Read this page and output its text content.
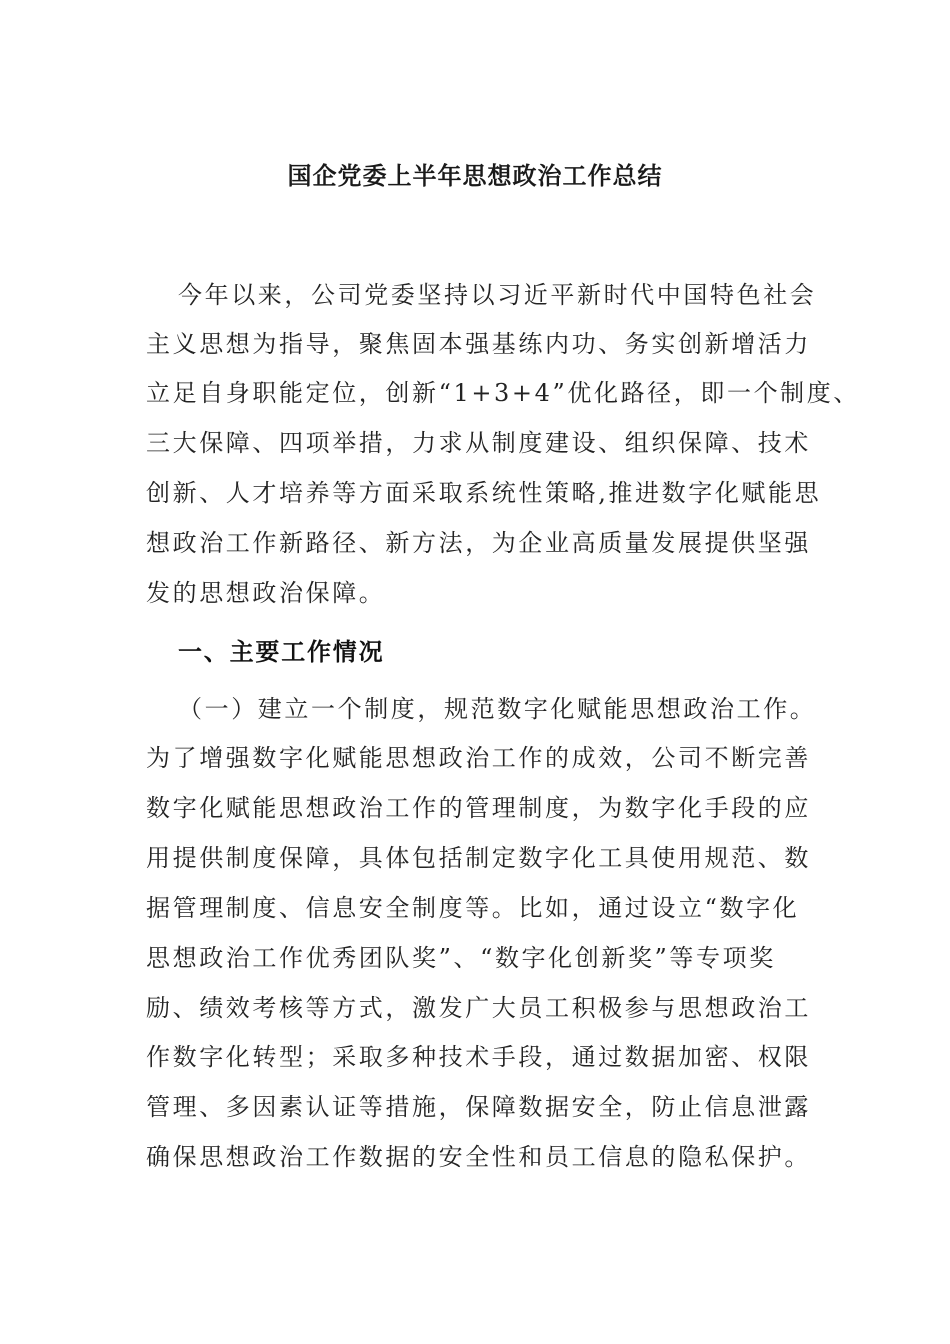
国企党委上半年思想政治工作总结
今年以来，公司党委坚持以习近平新时代中国特色社会
主义思想为指导，聚焦固本强基练内功、务实创新增活力
立足自身职能定位，创新“1+3+4”优化路径，即一个制度、
三大保障、四项举措，力求从制度建设、组织保障、技术
创新、人才培养等方面采取系统性策略,推进数字化赋能思
想政治工作新路径、新方法，为企业高质量发展提供坚强
发的思想政治保障。
一、主要工作情况
（一）建立一个制度，规范数字化赋能思想政治工作。
为了增强数字化赋能思想政治工作的成效，公司不断完善
数字化赋能思想政治工作的管理制度，为数字化手段的应
用提供制度保障，具体包括制定数字化工具使用规范、数
据管理制度、信息安全制度等。比如，通过设立“数字化
思想政治工作优秀团队奖”、“数字化创新奖”等专项奖
励、绩效考核等方式，激发广大员工积极参与思想政治工
作数字化转型；采取多种技术手段，通过数据加密、权限
管理、多因素认证等措施，保障数据安全，防止信息泄露
确保思想政治工作数据的安全性和员工信息的隐私保护。
